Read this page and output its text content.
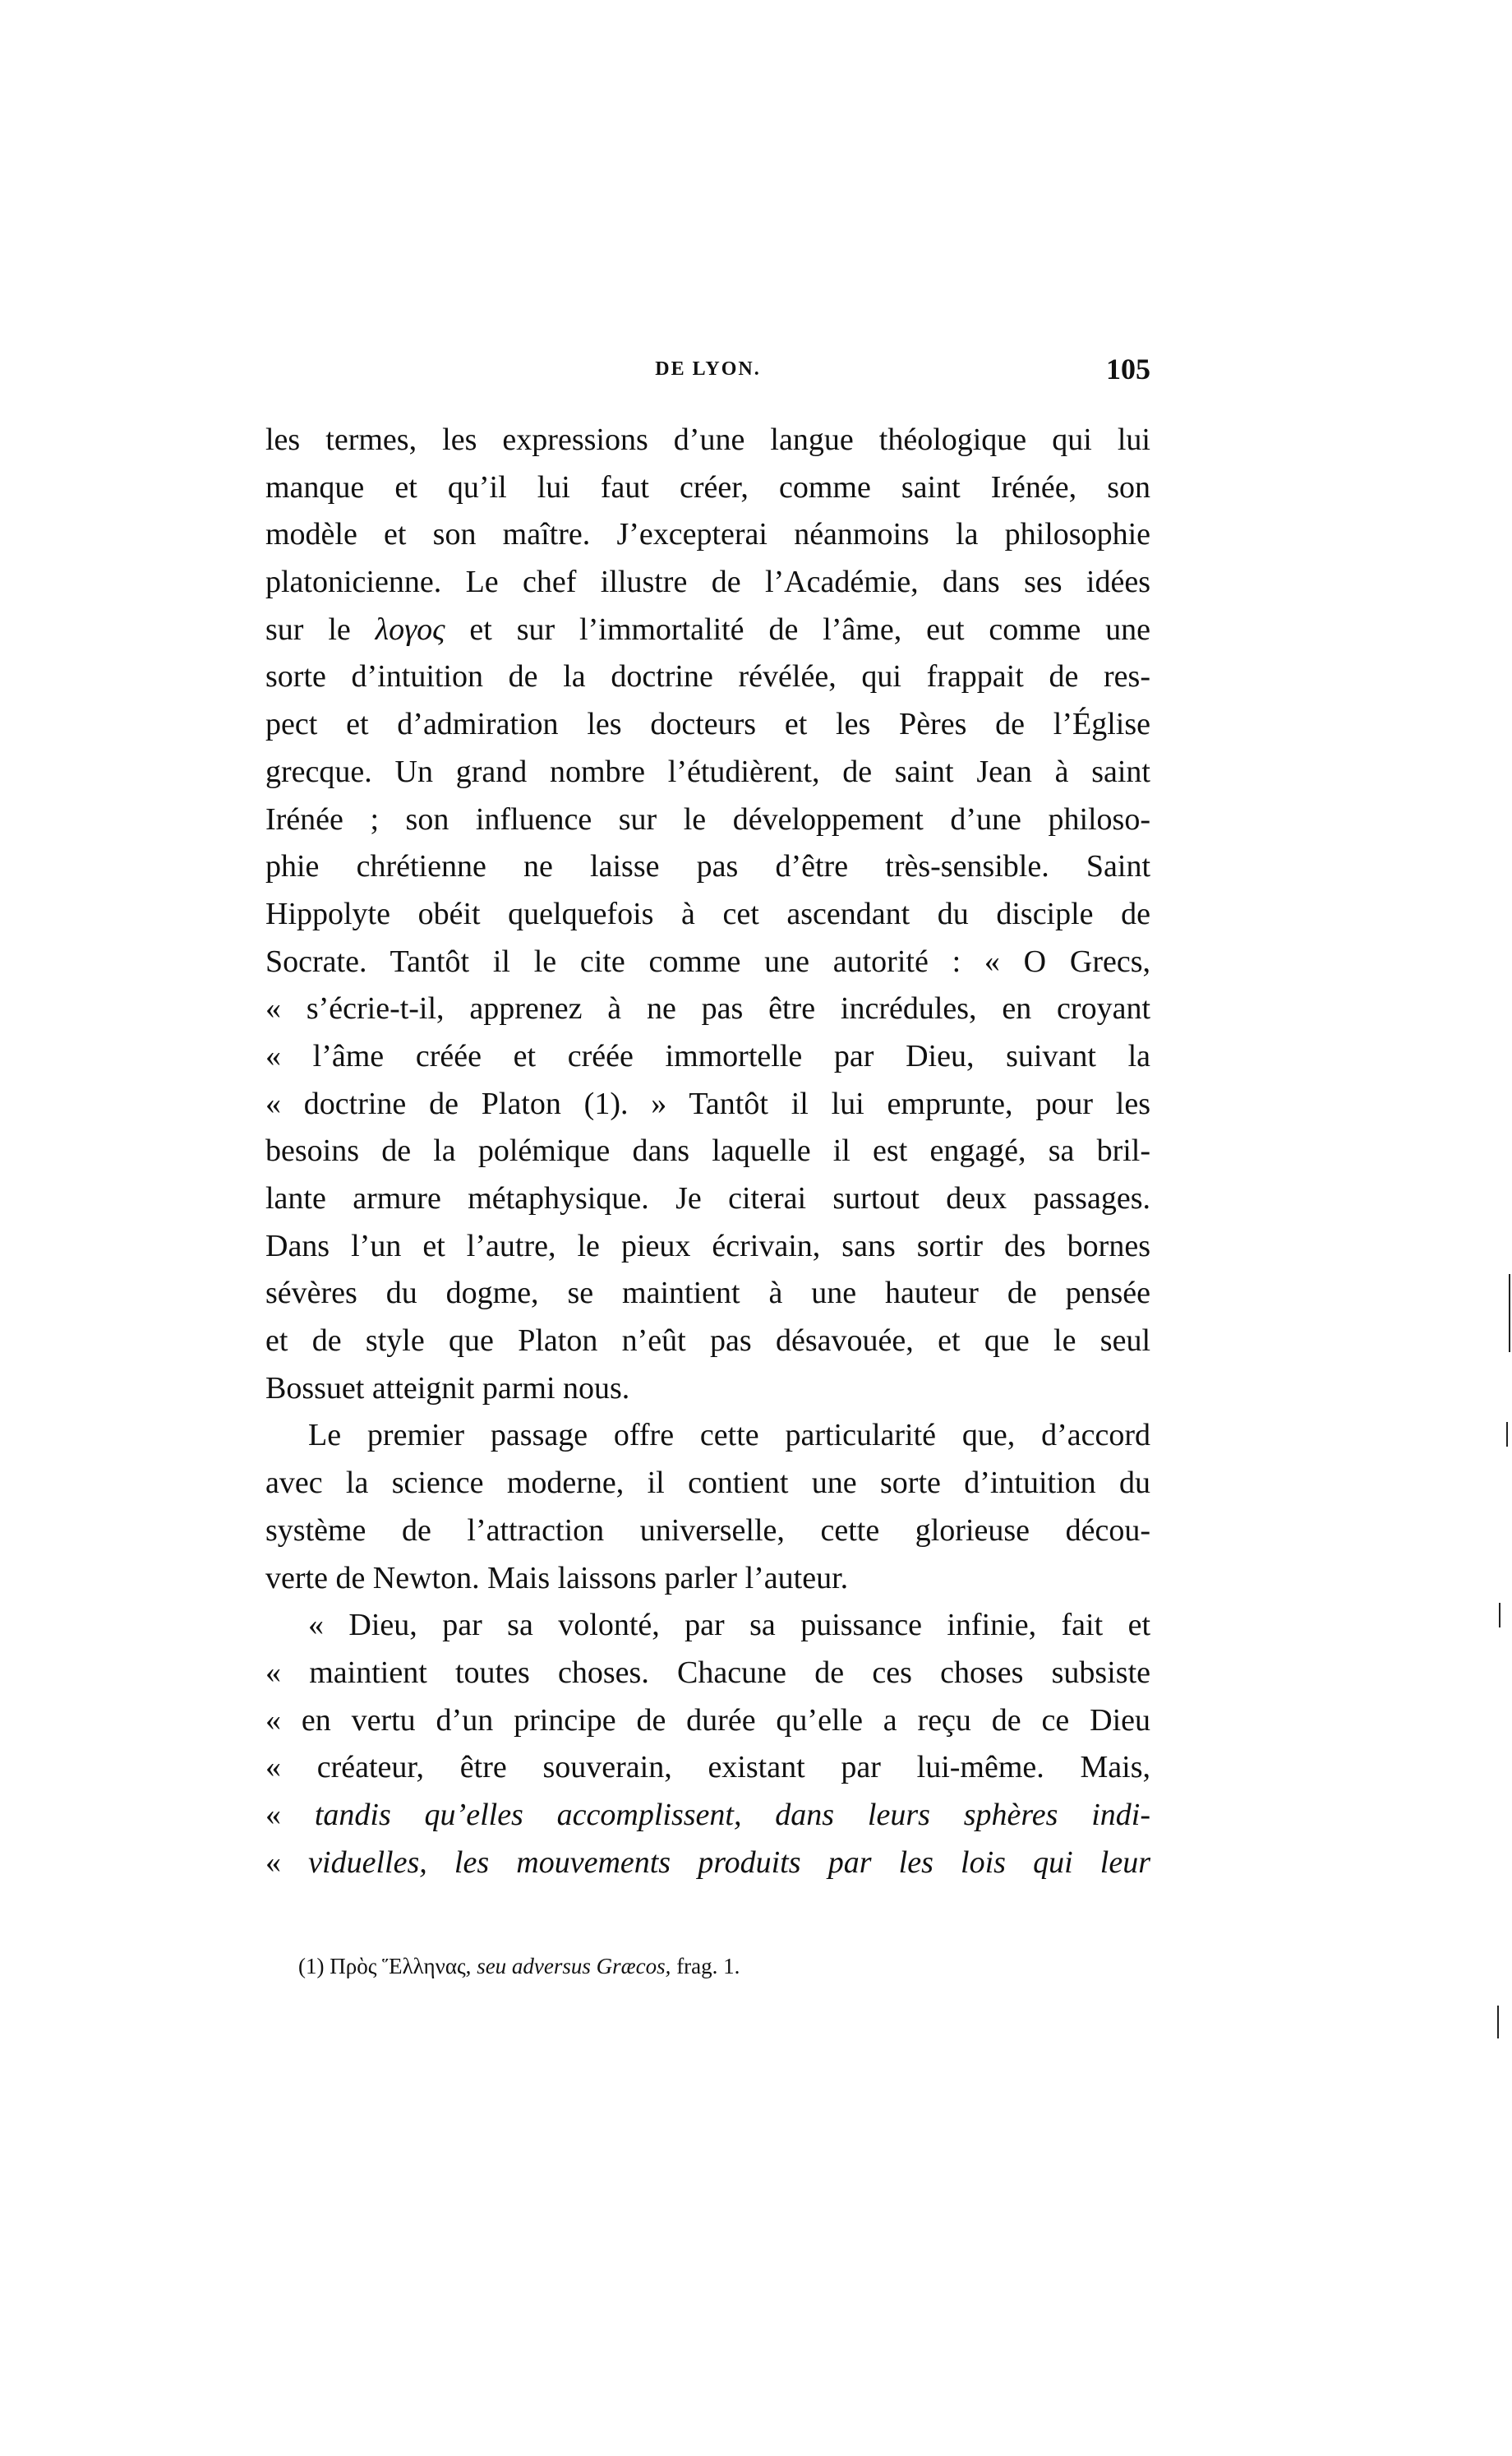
DE LYON.	105
les termes, les expressions d’une langue théologique qui lui
manque et qu’il lui faut créer, comme saint Irénée, son
modèle et son maître. J’excepterai néanmoins la philosophie
platonicienne. Le chef illustre de l’Académie, dans ses idées
sur le λογος et sur l’immortalité de l’âme, eut comme une
sorte d’intuition de la doctrine révélée, qui frappait de res-
pect et d’admiration les docteurs et les Pères de l’Église
grecque. Un grand nombre l’étudièrent, de saint Jean à saint
Irénée ; son influence sur le développement d’une philoso-
phie chrétienne ne laisse pas d’être très-sensible. Saint
Hippolyte obéit quelquefois à cet ascendant du disciple de
Socrate. Tantôt il le cite comme une autorité : « O Grecs,
« s’écrie-t-il, apprenez à ne pas être incrédules, en croyant
« l’âme créée et créée immortelle par Dieu, suivant la
« doctrine de Platon (1). » Tantôt il lui emprunte, pour les
besoins de la polémique dans laquelle il est engagé, sa bril-
lante armure métaphysique. Je citerai surtout deux passages.
Dans l’un et l’autre, le pieux écrivain, sans sortir des bornes
sévères du dogme, se maintient à une hauteur de pensée
et de style que Platon n’eût pas désavouée, et que le seul
Bossuet atteignit parmi nous.
Le premier passage offre cette particularité que, d’accord
avec la science moderne, il contient une sorte d’intuition du
système de l’attraction universelle, cette glorieuse décou-
verte de Newton. Mais laissons parler l’auteur.
« Dieu, par sa volonté, par sa puissance infinie, fait et
« maintient toutes choses. Chacune de ces choses subsiste
« en vertu d’un principe de durée qu’elle a reçu de ce Dieu
« créateur, être souverain, existant par lui-même. Mais,
« tandis qu’elles accomplissent, dans leurs sphères indi-
« viduelles, les mouvements produits par les lois qui leur
(1) Πρὸς Ἕλληνας, seu adversus Græcos, frag. 1.
